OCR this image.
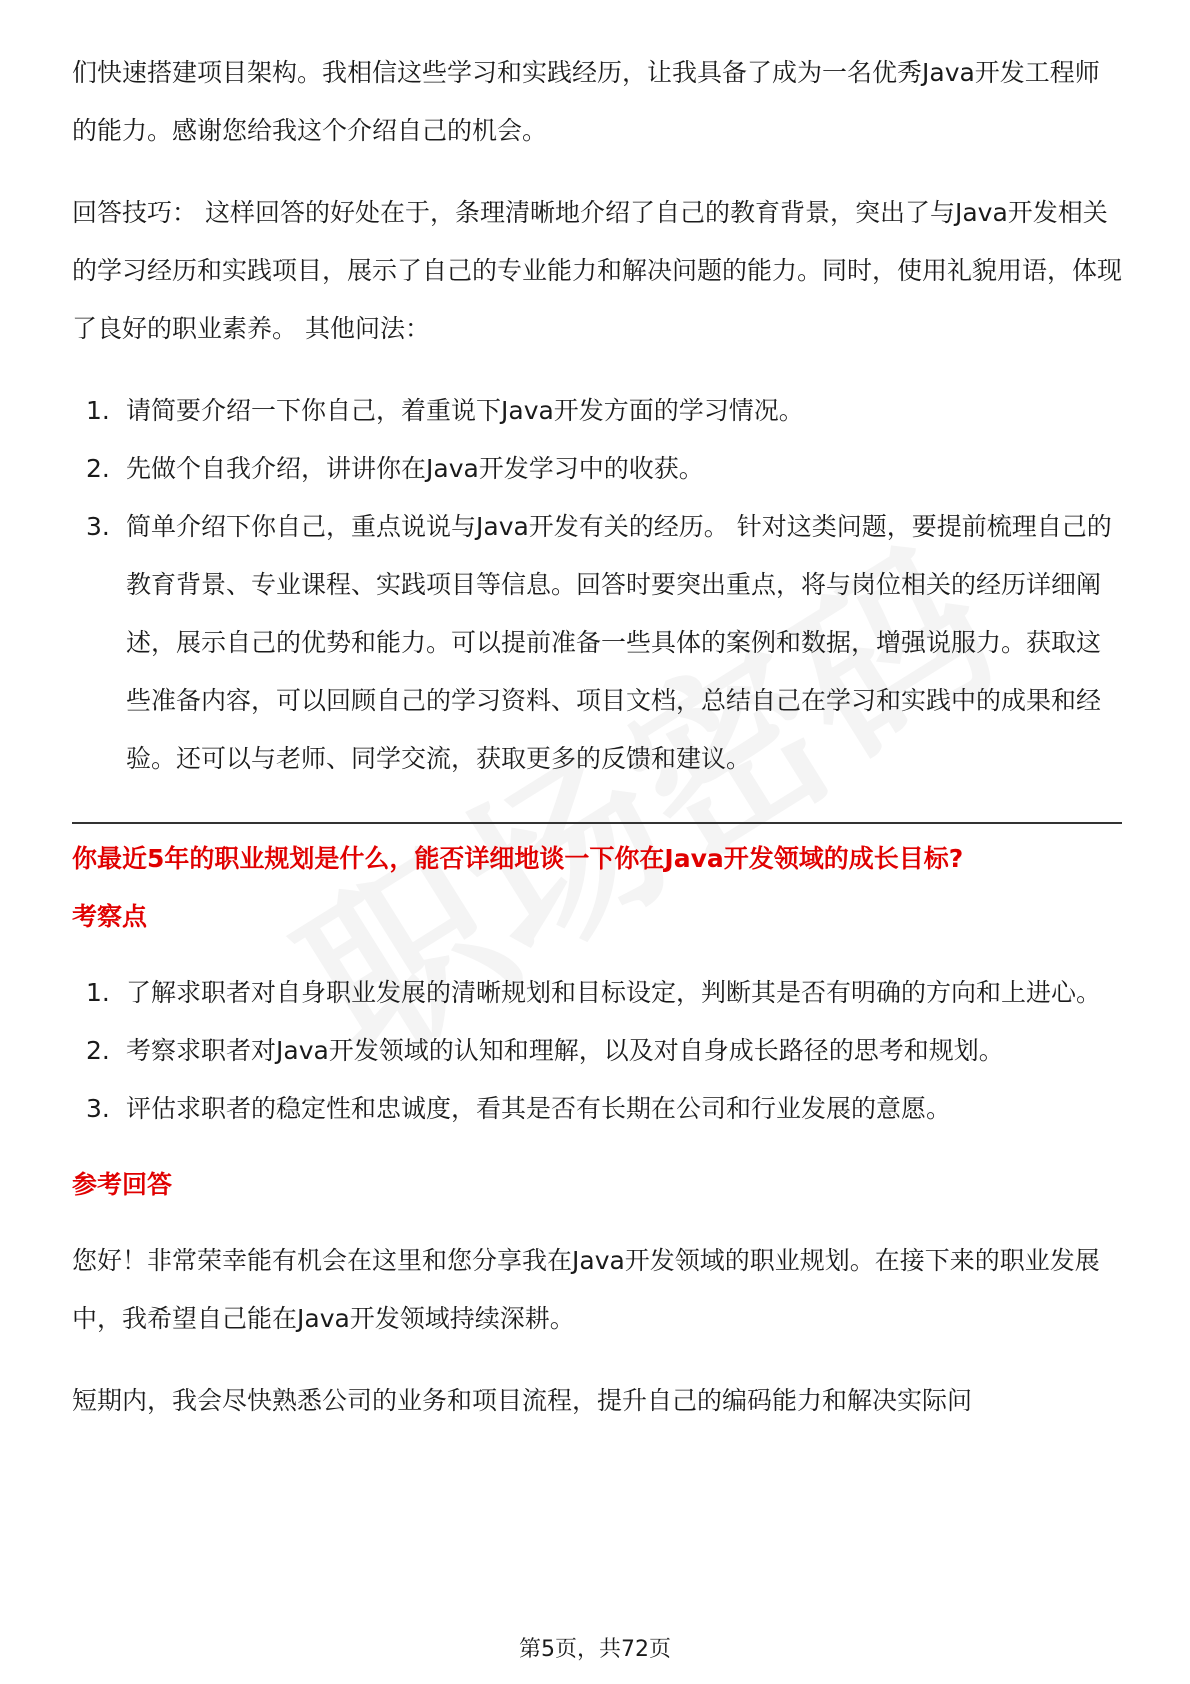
们快速搭建项目架构。我相信这些学习和实践经历，让我具备了成为一名优秀Java开发工程师的能力。感谢您给我这个介绍自己的机会。

回答技巧： 这样回答的好处在于，条理清晰地介绍了自己的教育背景，突出了与Java开发相关的学习经历和实践项目，展示了自己的专业能力和解决问题的能力。同时，使用礼貌用语，体现了良好的职业素养。 其他问法：

1. 请简要介绍一下你自己，着重说下Java开发方面的学习情况。
2. 先做个自我介绍，讲讲你在Java开发学习中的收获。
3. 简单介绍下你自己，重点说说与Java开发有关的经历。 针对这类问题，要提前梳理自己的教育背景、专业课程、实践项目等信息。回答时要突出重点，将与岗位相关的经历详细阐述，展示自己的优势和能力。可以提前准备一些具体的案例和数据，增强说服力。获取这些准备内容，可以回顾自己的学习资料、项目文档，总结自己在学习和实践中的成果和经验。还可以与老师、同学交流，获取更多的反馈和建议。

你最近5年的职业规划是什么，能否详细地谈一下你在Java开发领域的成长目标?

考察点

1. 了解求职者对自身职业发展的清晰规划和目标设定，判断其是否有明确的方向和上进心。
2. 考察求职者对Java开发领域的认知和理解，以及对自身成长路径的思考和规划。
3. 评估求职者的稳定性和忠诚度，看其是否有长期在公司和行业发展的意愿。

参考回答

您好！非常荣幸能有机会在这里和您分享我在Java开发领域的职业规划。在接下来的职业发展中，我希望自己能在Java开发领域持续深耕。

短期内，我会尽快熟悉公司的业务和项目流程，提升自己的编码能力和解决实际问

第5页，共72页
